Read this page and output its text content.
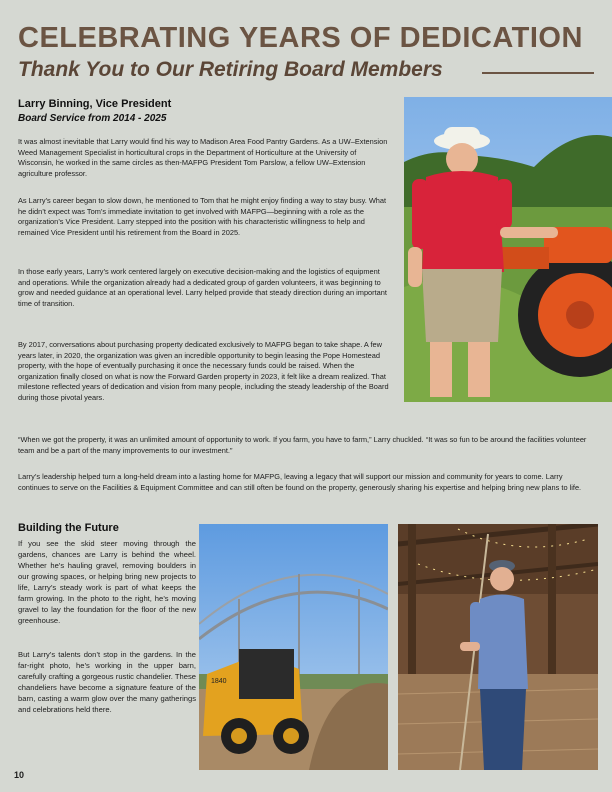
CELEBRATING YEARS OF DEDICATION
Thank You to Our Retiring Board Members
Larry Binning, Vice President
Board Service from 2014 - 2025

It was almost inevitable that Larry would find his way to Madison Area Food Pantry Gardens. As a UW–Extension Weed Management Specialist in horticultural crops in the Department of Horticulture at the University of Wisconsin, he worked in the same circles as then-MAFPG President Tom Parslow, a fellow UW–Extension agriculture professor.

As Larry’s career began to slow down, he mentioned to Tom that he might enjoy finding a way to stay busy. What he didn’t expect was Tom’s immediate invitation to get involved with MAFPG—beginning with a role as the organization’s Vice President. Larry stepped into the position with his characteristic willingness to help and remained Vice President until his retirement from the Board in 2025.

In those early years, Larry’s work centered largely on executive decision-making and the logistics of equipment and operations. While the organization already had a dedicated group of garden volunteers, it was beginning to grow and needed guidance at an operational level. Larry helped provide that steady direction during an important time of transition.

By 2017, conversations about purchasing property dedicated exclusively to MAFPG began to take shape. A few years later, in 2020, the organization was given an incredible opportunity to begin leasing the Pope Homestead property, with the hope of eventually purchasing it once the necessary funds could be raised. When the organization finally closed on what is now the Forward Garden property in 2023, it felt like a dream realized. That milestone reflected years of dedication and vision from many people, including the steady leadership of the Board during those pivotal years.

“When we got the property, it was an unlimited amount of opportunity to work. If you farm, you have to farm,” Larry chuckled. “It was so fun to be around the facilities volunteer team and be a part of the many improvements to our investment.”

Larry’s leadership helped turn a long-held dream into a lasting home for MAFPG, leaving a legacy that will support our mission and community for years to come. Larry continues to serve on the Facilities & Equipment Committee and can still often be found on the property, generously sharing his expertise and helping bring new plans to life.

Building the Future

If you see the skid steer moving through the gardens, chances are Larry is behind the wheel. Whether he’s hauling gravel, removing boulders in our growing spaces, or helping bring new projects to life, Larry’s steady work is part of what keeps the farm growing. In the photo to the right, he’s moving gravel to lay the foundation for the floor of the new greenhouse.

But Larry’s talents don’t stop in the gardens. In the far-right photo, he’s working in the upper barn, carefully crafting a gorgeous rustic chandelier. These chandeliers have become a signature feature of the barn, casting a warm glow over the many gatherings and celebrations held there.

1840
10
